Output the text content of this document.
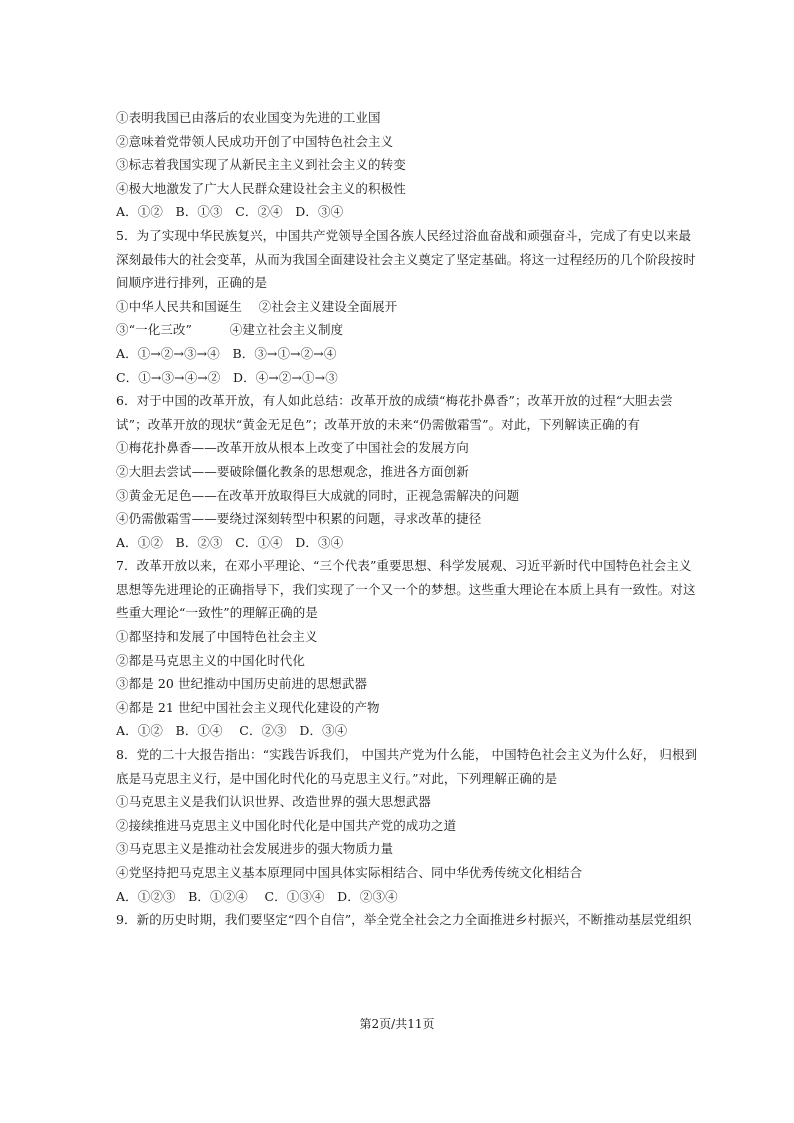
①表明我国已由落后的农业国变为先进的工业国
②意味着党带领人民成功开创了中国特色社会主义
③标志着我国实现了从新民主主义到社会主义的转变
④极大地激发了广大人民群众建设社会主义的积极性
A．①②　B．①③　C．②④　D．③④
5．为了实现中华民族复兴，中国共产党领导全国各族人民经过浴血奋战和顽强奋斗，完成了有史以来最
深刻最伟大的社会变革，从而为我国全面建设社会主义奠定了坚定基础。将这一过程经历的几个阶段按时
间顺序进行排列，正确的是
①中华人民共和国诞生　 ②社会主义建设全面展开
③“一化三改”　　　④建立社会主义制度
A．①→②→③→④　B．③→①→②→④
C．①→③→④→②　D．④→②→①→③
6．对于中国的改革开放，有人如此总结：改革开放的成绩“梅花扑鼻香”；改革开放的过程“大胆去尝
试”；改革开放的现状“黄金无足色”；改革开放的未来“仍需傲霜雪”。对此，下列解读正确的有
①梅花扑鼻香——改革开放从根本上改变了中国社会的发展方向
②大胆去尝试——要破除僵化教条的思想观念，推进各方面创新
③黄金无足色——在改革开放取得巨大成就的同时，正视急需解决的问题
④仍需傲霜雪——要绕过深刻转型中积累的问题，寻求改革的捷径
A．①②　B．②③　C．①④　D．③④
7．改革开放以来，在邓小平理论、“三个代表”重要思想、科学发展观、习近平新时代中国特色社会主义
思想等先进理论的正确指导下，我们实现了一个又一个的梦想。这些重大理论在本质上具有一致性。对这
些重大理论“一致性”的理解正确的是
①都坚持和发展了中国特色社会主义
②都是马克思主义的中国化时代化
③都是 20 世纪推动中国历史前进的思想武器
④都是 21 世纪中国社会主义现代化建设的产物
A．①②　B．①④　 C．②③　D．③④
8．党的二十大报告指出：“实践告诉我们， 中国共产党为什么能， 中国特色社会主义为什么好， 归根到
底是马克思主义行，是中国化时代化的马克思主义行。”对此，下列理解正确的是
①马克思主义是我们认识世界、改造世界的强大思想武器
②接续推进马克思主义中国化时代化是中国共产党的成功之道
③马克思主义是推动社会发展进步的强大物质力量
④党坚持把马克思主义基本原理同中国具体实际相结合、同中华优秀传统文化相结合
A．①②③　B．①②④　 C．①③④　D．②③④
9．新的历史时期，我们要坚定“四个自信”，举全党全社会之力全面推进乡村振兴，不断推动基层党组织
第2页/共11页
